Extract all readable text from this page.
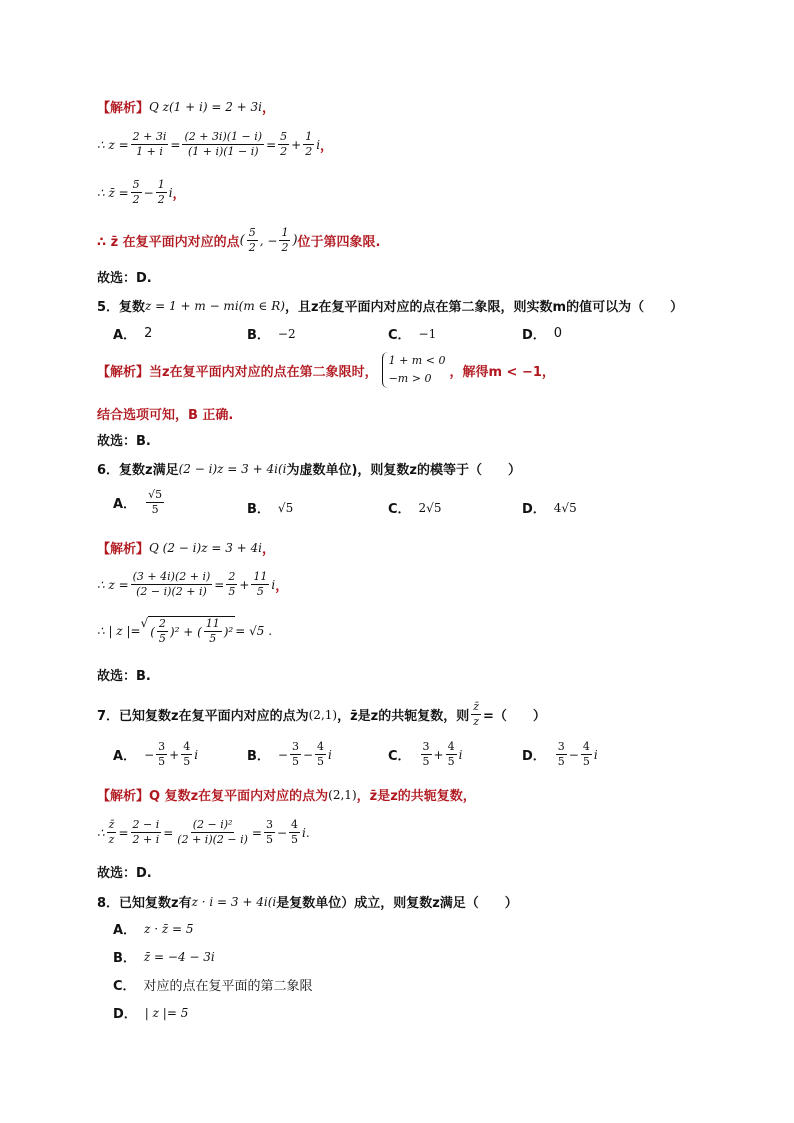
【解析】 Q z(1 + i) = 2 + 3i ，
∴ $z = \frac{2 + 3i}{1 + i} = \frac{(2 + 3i)(1 - i)}{(1 + i)(1 - i)} = \frac{5}{2} + \frac{1}{2}$ i ，
∴ z̄ = $\frac{5}{2} - \frac{1}{2}$ i ，
∴ z̄ 在复平面内对应的点 ( $\frac{5}{2}$ , − $\frac{1}{2}$ ) 位于第四象限.
故选：D.
5．复数 z = 1 + m − mi(m ∈ R) ，且z在复平面内对应的点在第二象限，则实数m的值可以为（　　）
A． 2	B． −2	C． −1	D． 0
【解析】 当z在复平面内对应的点在第二象限时，
1 + m < 0
−m > 0	，解得m < −1，
结合选项可知，B 正确.
故选：B.
6．复数z满足 (2 − i)z = 3 + 4i(i 为虚数单位)，则复数z的模等于（　　）
A． $\frac{√5}{5}$	B． √5	C． 2√5	D． 4√5
【解析】 Q (2 − i)z = 3 + 4i ，
∴ $z = \frac{(3 + 4i)(2 + i)}{(2 - i)(2 + i)} = \frac{2}{5} + \frac{11}{5}$ i ，
∴ | z |=
√
( $\frac{2}{5} )^2$ + ( $\frac{11}{5} )^2 = √5$ .
故选：B.
7．已知复数z在复平面内对应的点为 (2,1) ，z̄是z的共轭复数，则 $\frac{z̄}{z}$ =（　　）
A． − $\frac{3}{5} + \frac{4}{5}$ i	B． − $\frac{3}{5} - \frac{4}{5}$ i	C． $\frac{3}{5} + \frac{4}{5}$ i	D． $\frac{3}{5} - \frac{4}{5}$ i
【解析】 Q 复数z在复平面内对应的点为 (2,1) ，z̄是z的共轭复数，
∴ $\frac{z̄}{z} = \frac{2 - i}{2 + i} = \frac{\text{(2 − i)²}}{(2 + i)(2 - i)} = \frac{3}{5} - \frac{4}{5}$ i .
故选：D.
8．已知复数z有 z · i = 3 + 4i(i 是复数单位）成立，则复数z满足（　　）
A． z · z̄ = 5
B． z̄ = −4 − 3i
C． 对应的点在复平面的第二象限
D． | z |= 5
